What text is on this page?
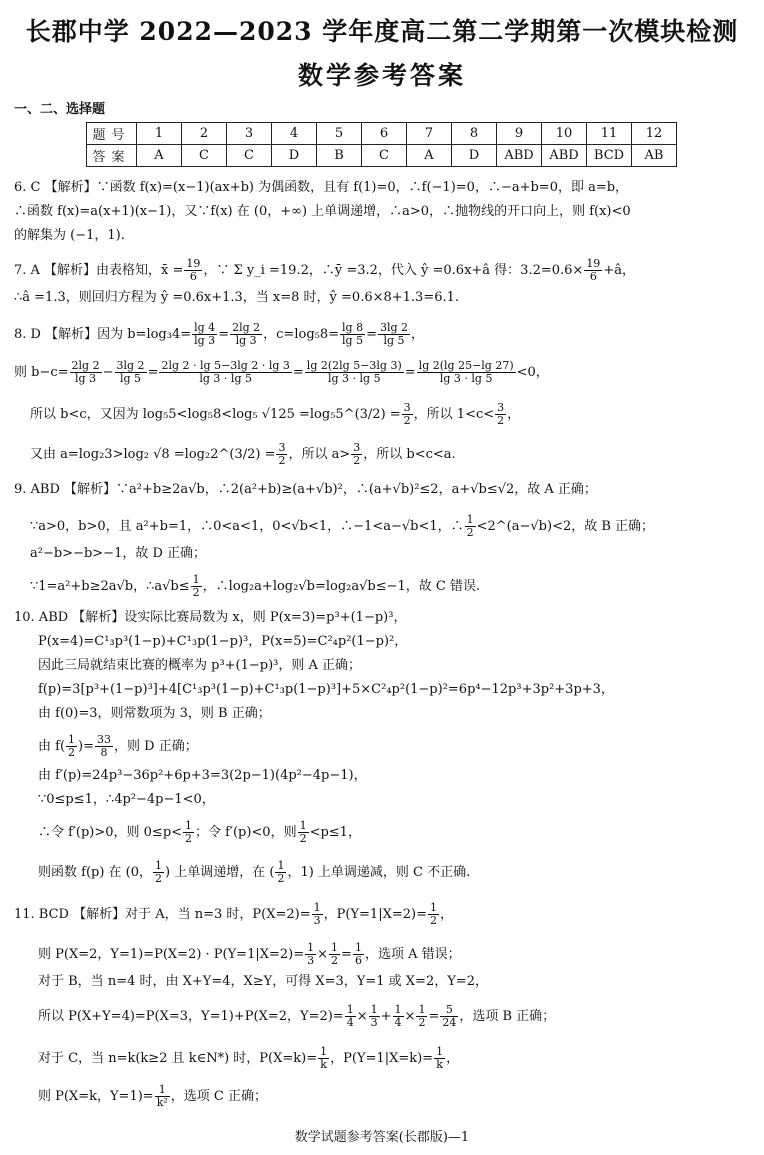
长郡中学 2022—2023 学年度高二第二学期第一次模块检测
数学参考答案
一、二、选择题
题号	1	2	3	4	5	6	7	8	9	10	11	12
答案	A	C	C	D	B	C	A	D	ABD	ABD	BCD	AB
6. C 【解析】∵函数 f(x)=(x−1)(ax+b) 为偶函数，且有 f(1)=0，∴f(−1)=0，∴−a+b=0，即 a=b，
∴函数 f(x)=a(x+1)(x−1)，又∵f(x) 在 (0，+∞) 上单调递增，∴a>0，∴抛物线的开口向上，则 f(x)<0
的解集为 (−1，1).
7. A 【解析】由表格知，x̄ = $\frac{19}{6}$ ，∵ Σ y_i =19.2，∴ȳ =3.2，代入 ŷ =0.6x+â 得：$3.2=0.6\times \frac{19}{6}$ +â，
∴â =1.3，则回归方程为 ŷ =0.6x+1.3，当 x=8 时，ŷ =0.6×8+1.3=6.1.
8. D 【解析】因为 $b=\log_34= \frac{\lg 4}{\lg 3} = \frac{2\lg 2}{\lg 3}$ ，$c=\log_58= \frac{\lg 8}{\lg 5} = \frac{3\lg 2}{\lg 5}$ ，
则 $b-c= \frac{2\lg 2}{\lg 3} - \frac{3\lg 2}{\lg 5} = \frac{2\lg 2 \cdot \lg 5-3\lg 2 \cdot \lg 3}{\lg 3 \cdot \lg 5} = \frac{\lg 2(2\lg 5-3\lg 3)}{\lg 3 \cdot \lg 5} = \frac{\lg 2(\lg 25-\lg 27)}{\lg 3 \cdot \lg 5} <0$，
所以 b<c，又因为 log₅5<log₅8<log₅ √125 =log₅5^(3/2) = $\frac{3}{2}$ ，所以 $1<c< \frac{3}{2}$ ，
又由 a=log₂3>log₂ √8 =log₂2^(3/2) = $\frac{3}{2}$ ，所以 $a> \frac{3}{2}$ ，所以 b<c<a.
9. ABD 【解析】∵a²+b≥2a√b，∴2(a²+b)≥(a+√b)²，∴(a+√b)²≤2，a+√b≤√2，故 A 正确；
∵a>0，b>0，且 a²+b=1，∴0<a<1，0<√b<1，∴−1<a−√b<1，∴ $\frac{1}{2}$ <2^(a−√b)<2，故 B 正确；
a²−b>−b>−1，故 D 正确；
∵1=a²+b≥2a√b，∴a√b≤ $\frac{1}{2}$ ，∴log₂a+log₂√b=log₂a√b≤−1，故 C 错误.
10. ABD 【解析】设实际比赛局数为 x，则 P(x=3)=p³+(1−p)³，
P(x=4)=C¹₃p³(1−p)+C¹₃p(1−p)³，P(x=5)=C²₄p²(1−p)²，
因此三局就结束比赛的概率为 p³+(1−p)³，则 A 正确；
f(p)=3[p³+(1−p)³]+4[C¹₃p³(1−p)+C¹₃p(1−p)³]+5×C²₄p²(1−p)²=6p⁴−12p³+3p²+3p+3，
由 f(0)=3，则常数项为 3，则 B 正确；
由 $f( \frac{1}{2}$ )= $\frac{33}{8}$ ，则 D 正确；
由 f′(p)=24p³−36p²+6p+3=3(2p−1)(4p²−4p−1)，
∵0≤p≤1，∴4p²−4p−1<0，
∴令 f′(p)>0，则 $0\le p< \frac{1}{2}$ ；令 f′(p)<0，则 $\frac{1}{2} <p\le 1$，
则函数 f(p) 在 (0， $\frac{1}{2}$ ) 上单调递增，在 ( $\frac{1}{2}$ ，1) 上单调递减，则 C 不正确.
11. BCD 【解析】对于 A，当 n=3 时，$P(X=2)= \frac{1}{3}$ ，$P(Y=1|X=2)= \frac{1}{2}$ ，
则 P(X=2，$Y=1)=P(X=2) \cdot P(Y=1|X=2)= \frac{1}{3} \times \frac{1}{2} = \frac{1}{6}$ ，选项 A 错误；
对于 B，当 n=4 时，由 X+Y=4，X≥Y，可得 X=3，Y=1 或 X=2，Y=2，
所以 P(X+Y=4)=P(X=3，Y=1)+P(X=2，$Y=2)= \frac{1}{4} \times \frac{1}{3} + \frac{1}{4} \times \frac{1}{2} = \frac{5}{24}$ ，选项 B 正确；
对于 C，当 n=k(k≥2 且 k∈N*) 时，$P(X=k)= \frac{1}{k}$ ，$P(Y=1|X=k)= \frac{1}{k}$ ，
则 P(X=k，$Y=1)= \frac{1}{\text{k²}}$ ，选项 C 正确；
数学试题参考答案(长郡版)—1
